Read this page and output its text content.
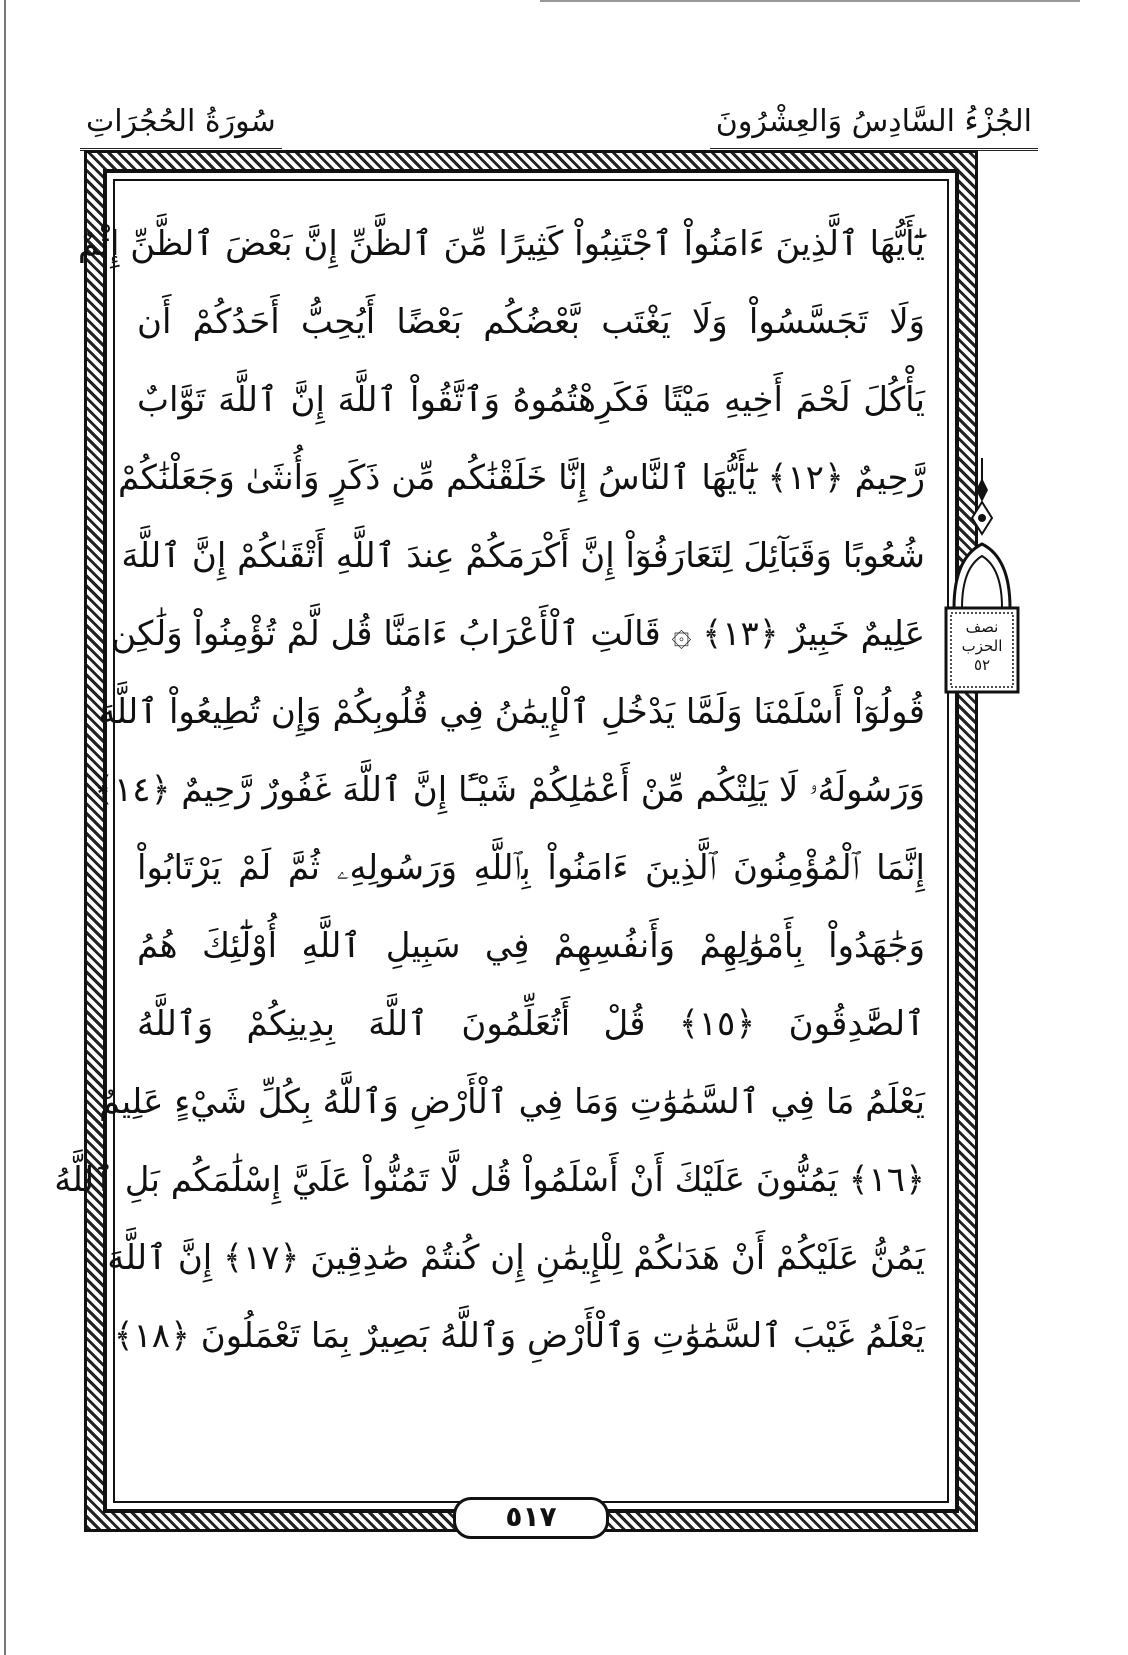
سُورَةُ الحُجُرَاتِ	الجُزْءُ السَّادِسُ وَالعِشْرُونَ
يَٰٓأَيُّهَا ٱلَّذِينَ ءَامَنُواْ ٱجْتَنِبُواْ كَثِيرًا مِّنَ ٱلظَّنِّ إِنَّ بَعْضَ ٱلظَّنِّ إِثْمٌ
وَلَا تَجَسَّسُواْ وَلَا يَغْتَب بَّعْضُكُم بَعْضًا أَيُحِبُّ أَحَدُكُمْ أَن
يَأْكُلَ لَحْمَ أَخِيهِ مَيْتًا فَكَرِهْتُمُوهُ وَٱتَّقُواْ ٱللَّهَ إِنَّ ٱللَّهَ تَوَّابٌ
رَّحِيمٌ ﴿١٢﴾ يَٰٓأَيُّهَا ٱلنَّاسُ إِنَّا خَلَقْنَٰكُم مِّن ذَكَرٍ وَأُنثَىٰ وَجَعَلْنَٰكُمْ
شُعُوبًا وَقَبَآئِلَ لِتَعَارَفُوٓاْ إِنَّ أَكْرَمَكُمْ عِندَ ٱللَّهِ أَتْقَىٰكُمْ إِنَّ ٱللَّهَ
عَلِيمٌ خَبِيرٌ ﴿١٣﴾ ۞ قَالَتِ ٱلْأَعْرَابُ ءَامَنَّا قُل لَّمْ تُؤْمِنُواْ وَلَٰكِن
قُولُوٓاْ أَسْلَمْنَا وَلَمَّا يَدْخُلِ ٱلْإِيمَٰنُ فِي قُلُوبِكُمْ وَإِن تُطِيعُواْ ٱللَّهَ
وَرَسُولَهُۥ لَا يَلِتْكُم مِّنْ أَعْمَٰلِكُمْ شَيْـًٔا إِنَّ ٱللَّهَ غَفُورٌ رَّحِيمٌ ﴿١٤﴾
إِنَّمَا ٱلْمُؤْمِنُونَ ٱلَّذِينَ ءَامَنُواْ بِٱللَّهِ وَرَسُولِهِۦ ثُمَّ لَمْ يَرْتَابُواْ
وَجَٰهَدُواْ بِأَمْوَٰلِهِمْ وَأَنفُسِهِمْ فِي سَبِيلِ ٱللَّهِ أُوْلَٰٓئِكَ هُمُ
ٱلصَّٰدِقُونَ ﴿١٥﴾ قُلْ أَتُعَلِّمُونَ ٱللَّهَ بِدِينِكُمْ وَٱللَّهُ
يَعْلَمُ مَا فِي ٱلسَّمَٰوَٰتِ وَمَا فِي ٱلْأَرْضِ وَٱللَّهُ بِكُلِّ شَيْءٍ عَلِيمٌ
﴿١٦﴾ يَمُنُّونَ عَلَيْكَ أَنْ أَسْلَمُواْ قُل لَّا تَمُنُّواْ عَلَيَّ إِسْلَٰمَكُم بَلِ ٱللَّهُ
يَمُنُّ عَلَيْكُمْ أَنْ هَدَىٰكُمْ لِلْإِيمَٰنِ إِن كُنتُمْ صَٰدِقِينَ ﴿١٧﴾ إِنَّ ٱللَّهَ
يَعْلَمُ غَيْبَ ٱلسَّمَٰوَٰتِ وَٱلْأَرْضِ وَٱللَّهُ بَصِيرٌ بِمَا تَعْمَلُونَ ﴿١٨﴾
٥١٧
نصف
الحزب
٥٢
